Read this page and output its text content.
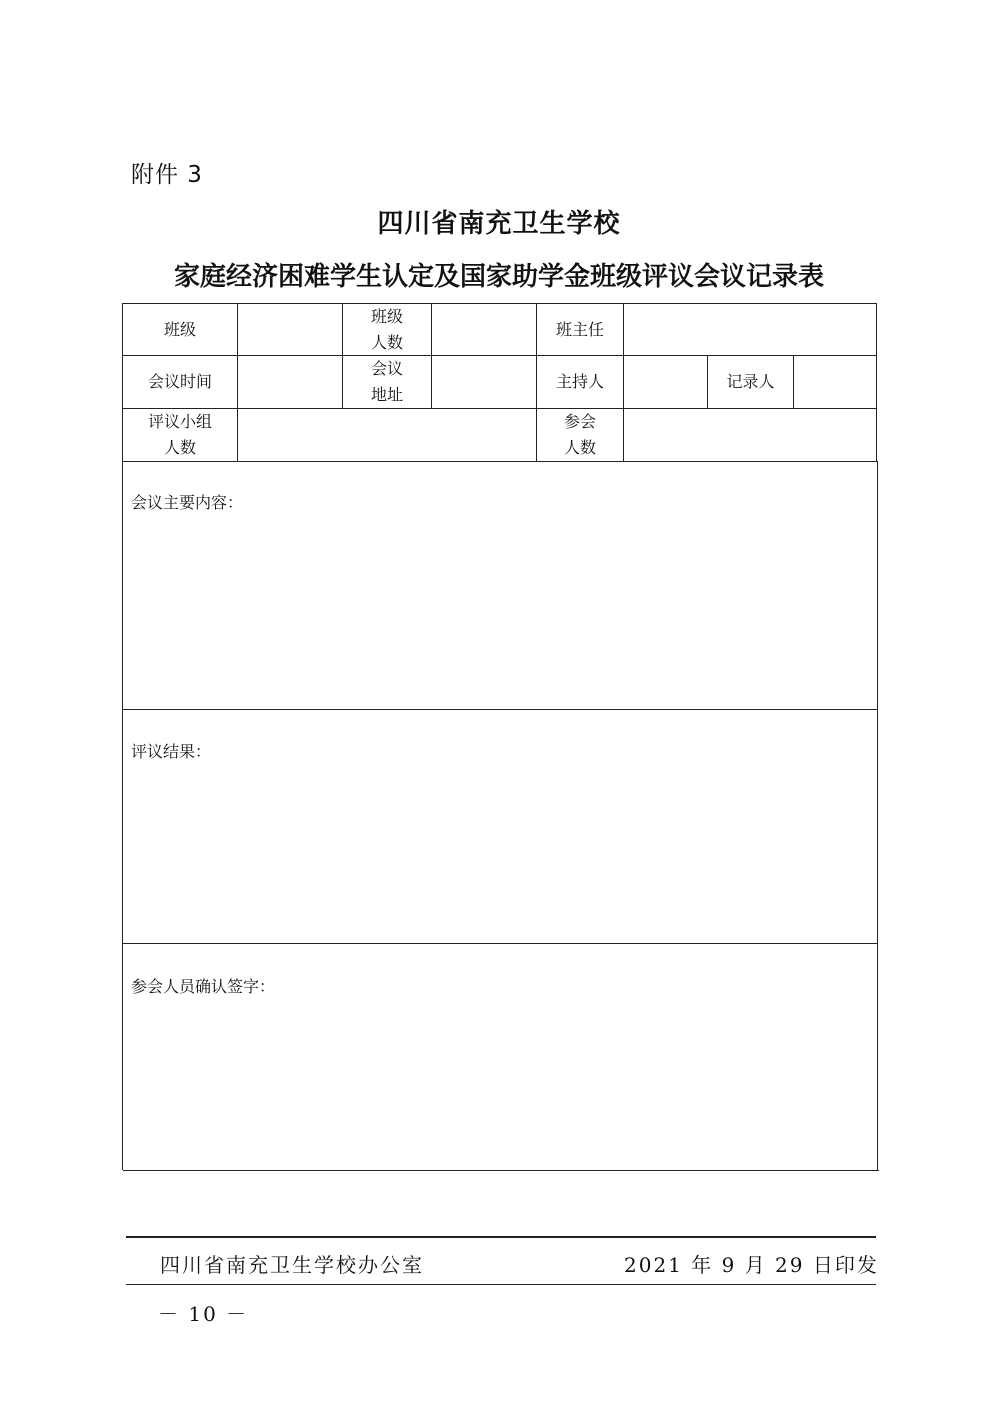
附件 3
四川省南充卫生学校
家庭经济困难学生认定及国家助学金班级评议会议记录表
班级
班级
人数
班主任
会议时间
会议
地址
主持人	记录人
评议小组
人数
参会
人数
会议主要内容：
评议结果：
参会人员确认签字：
四川省南充卫生学校办公室	2021 年 9 月 29 日印发
－ 10 －
